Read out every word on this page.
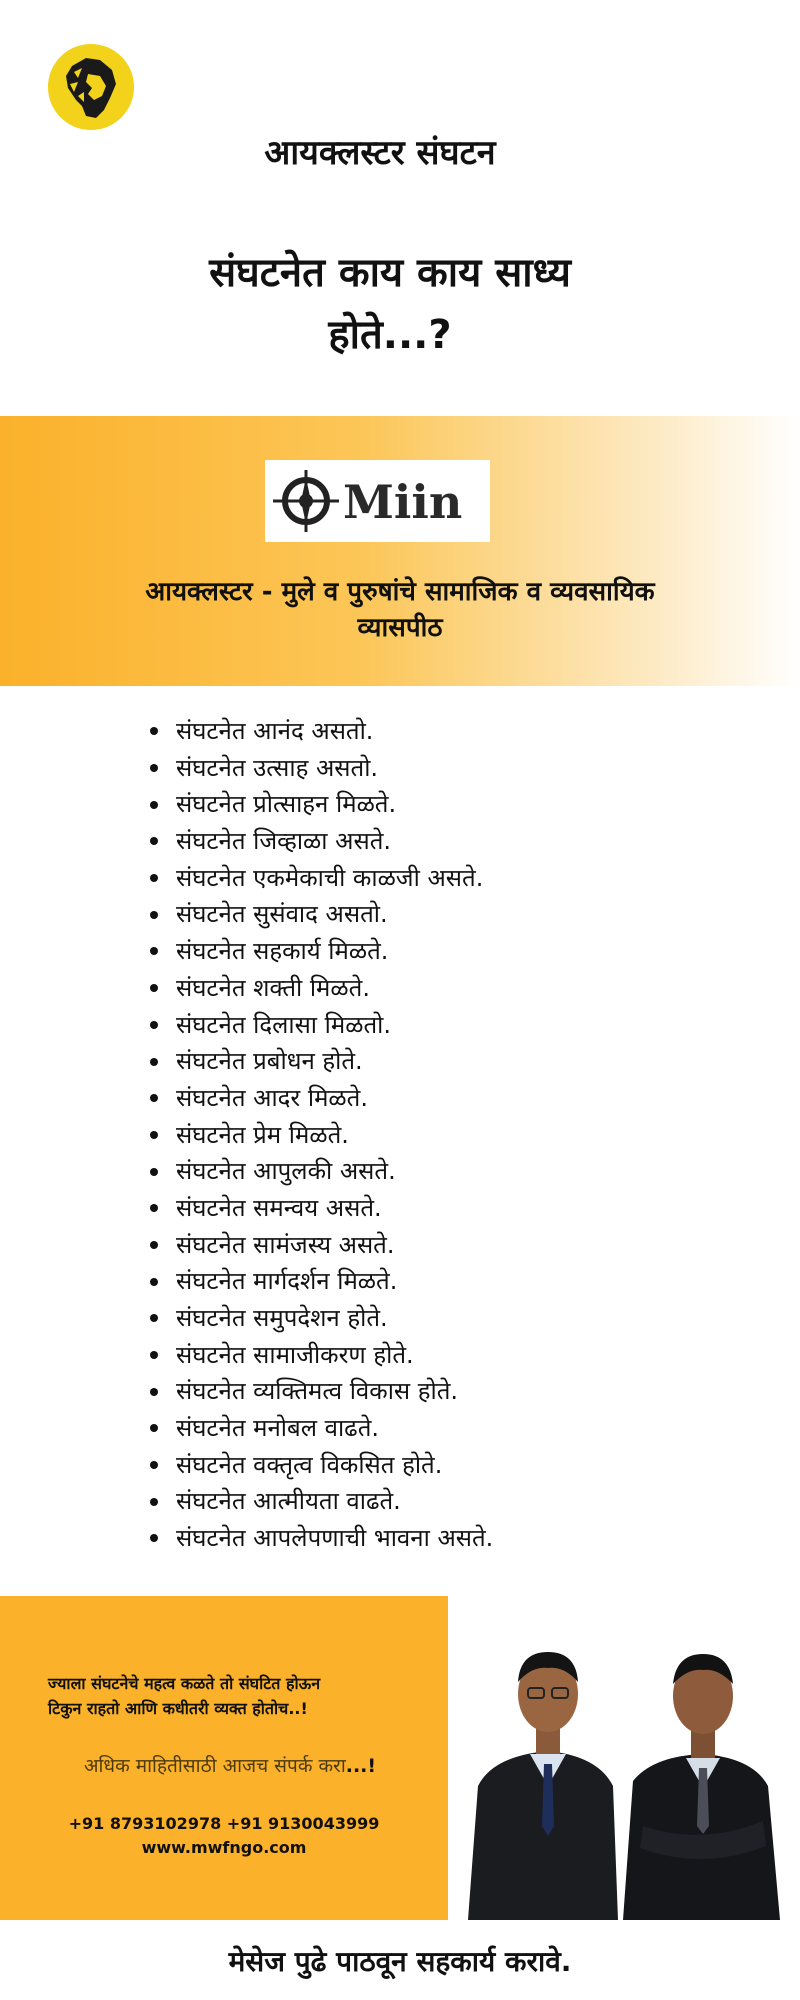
आयक्लस्टर संघटन
संघटनेत काय काय साध्य
होते...?
Miin
आयक्लस्टर - मुले व पुरुषांचे सामाजिक व व्यवसायिक
व्यासपीठ
संघटनेत आनंद असतो.
संघटनेत उत्साह असतो.
संघटनेत प्रोत्साहन मिळते.
संघटनेत जिव्हाळा असते.
संघटनेत एकमेकाची काळजी असते.
संघटनेत सुसंवाद असतो.
संघटनेत सहकार्य मिळते.
संघटनेत शक्ती मिळते.
संघटनेत दिलासा मिळतो.
संघटनेत प्रबोधन होते.
संघटनेत आदर मिळते.
संघटनेत प्रेम मिळते.
संघटनेत आपुलकी असते.
संघटनेत समन्वय असते.
संघटनेत सामंजस्य असते.
संघटनेत मार्गदर्शन मिळते.
संघटनेत समुपदेशन होते.
संघटनेत सामाजीकरण होते.
संघटनेत व्यक्तिमत्व विकास होते.
संघटनेत मनोबल वाढते.
संघटनेत वक्तृत्व विकसित होते.
संघटनेत आत्मीयता वाढते.
संघटनेत आपलेपणाची भावना असते.
ज्याला संघटनेचे महत्व कळते तो संघटित होऊन
टिकुन राहतो आणि कधीतरी व्यक्त होतोच..!
अधिक माहितीसाठी आजच संपर्क करा...!
+91 8793102978 +91 9130043999
www.mwfngo.com
मेसेज पुढे पाठवून सहकार्य करावे.
